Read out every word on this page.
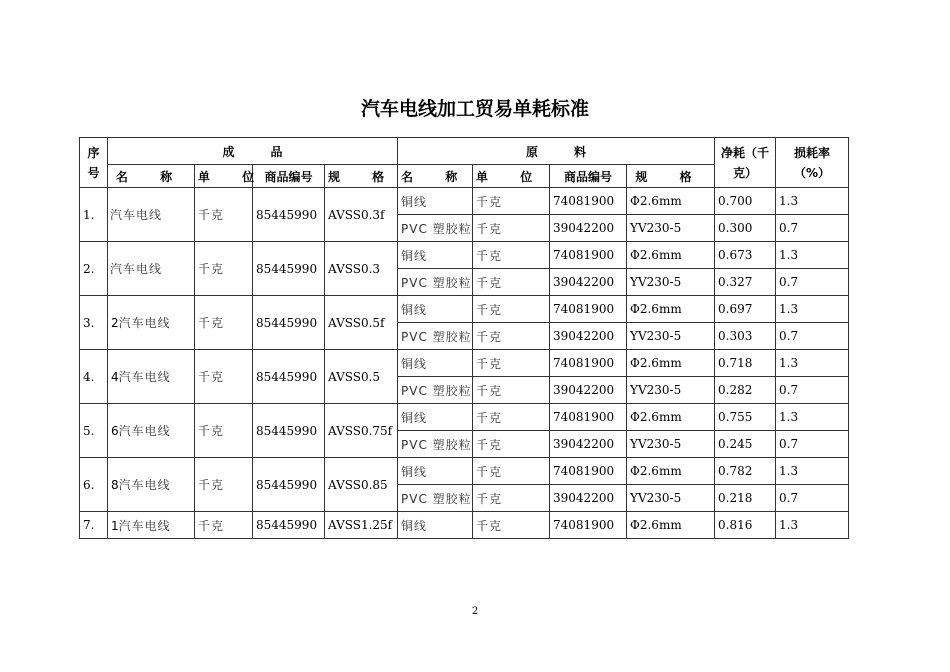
汽车电线加工贸易单耗标准
序号	成　　　品				原　　　料				净耗（千克）	损耗率（%）
	名 称	单 位	商品编号	规 格	名 称	单 位	商品编号	规 格		
1.	汽车电线	千克	85445990	AVSS0.3f	铜线	千克	74081900	Φ2.6mm	0.700	1.3
					PVC 塑胶粒	千克	39042200	YV230-5	0.300	0.7
2.	汽车电线	千克	85445990	AVSS0.3	铜线	千克	74081900	Φ2.6mm	0.673	1.3
					PVC 塑胶粒	千克	39042200	YV230-5	0.327	0.7
3.	2汽车电线	千克	85445990	AVSS0.5f	铜线	千克	74081900	Φ2.6mm	0.697	1.3
					PVC 塑胶粒	千克	39042200	YV230-5	0.303	0.7
4.	4汽车电线	千克	85445990	AVSS0.5	铜线	千克	74081900	Φ2.6mm	0.718	1.3
					PVC 塑胶粒	千克	39042200	YV230-5	0.282	0.7
5.	6汽车电线	千克	85445990	AVSS0.75f	铜线	千克	74081900	Φ2.6mm	0.755	1.3
					PVC 塑胶粒	千克	39042200	YV230-5	0.245	0.7
6.	8汽车电线	千克	85445990	AVSS0.85	铜线	千克	74081900	Φ2.6mm	0.782	1.3
					PVC 塑胶粒	千克	39042200	YV230-5	0.218	0.7
7.	1汽车电线	千克	85445990	AVSS1.25f	铜线	千克	74081900	Φ2.6mm	0.816	1.3
2
